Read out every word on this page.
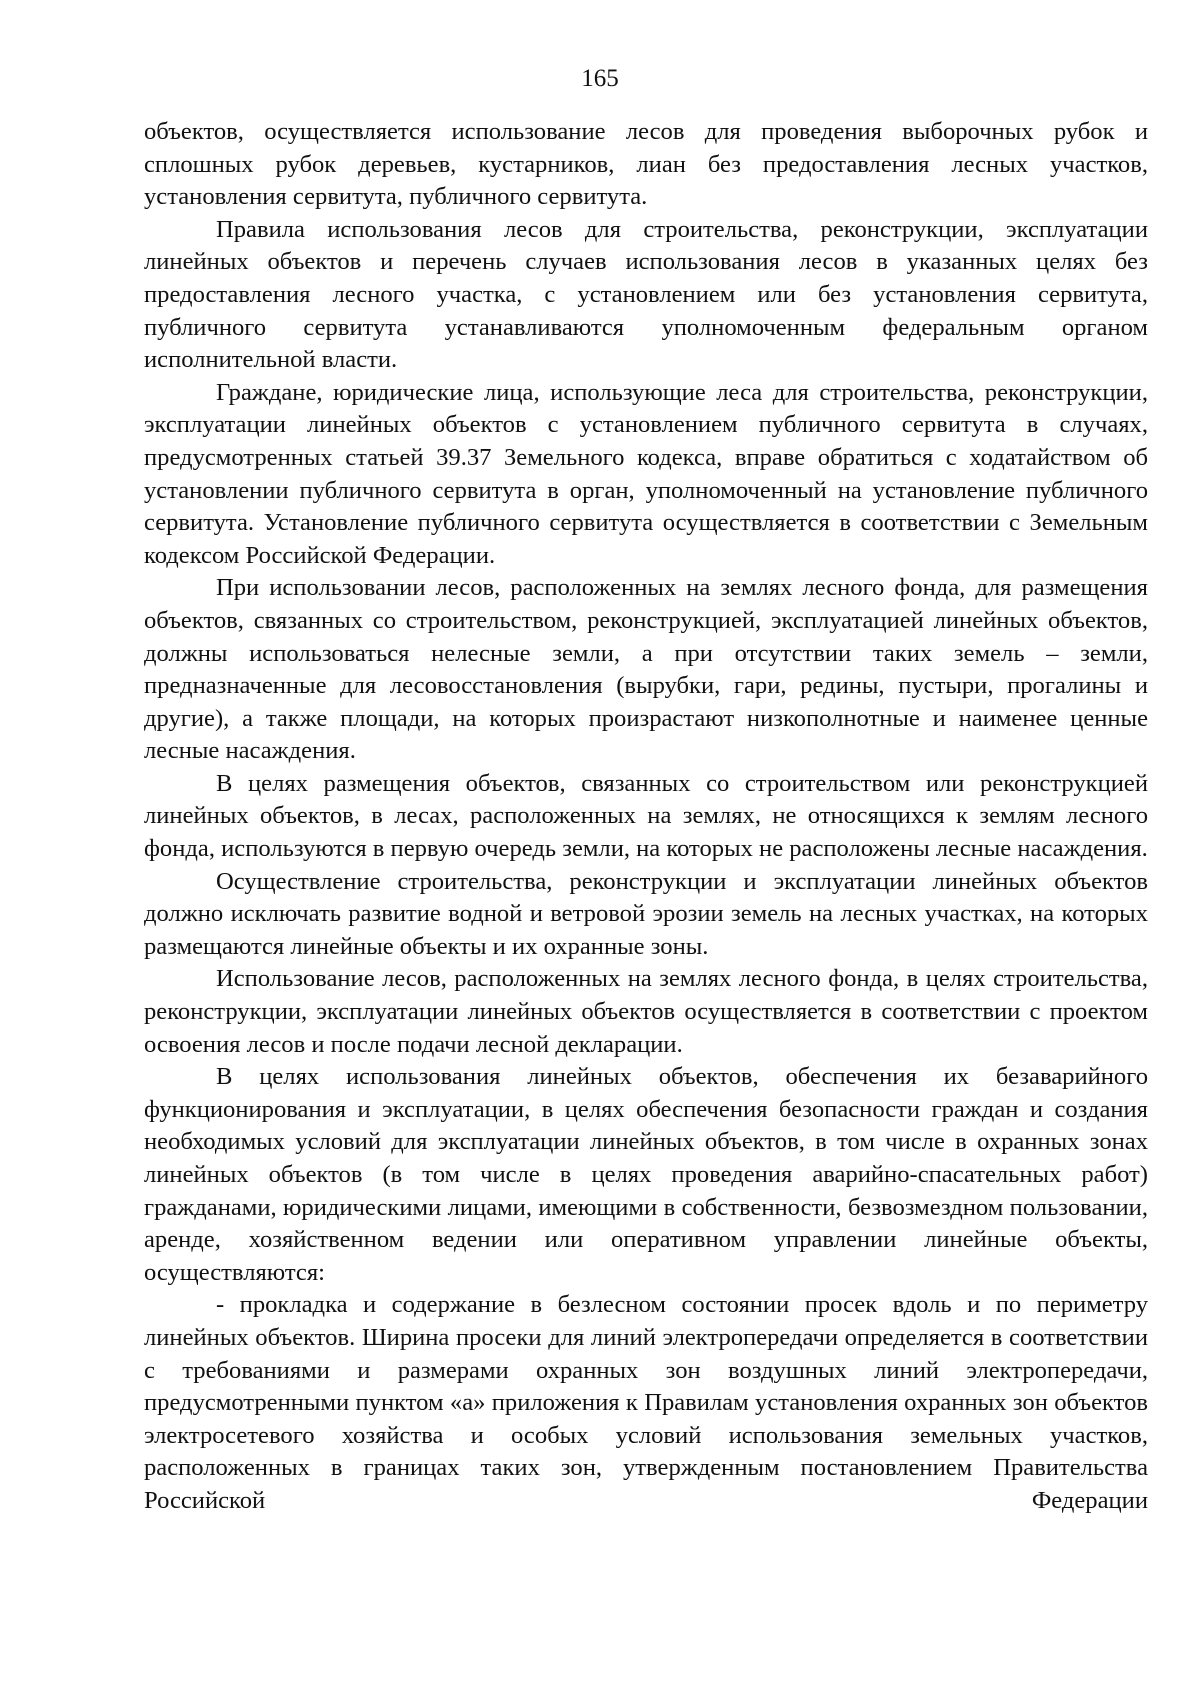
165

объектов, осуществляется использование лесов для проведения выборочных рубок и сплошных рубок деревьев, кустарников, лиан без предоставления лесных участков, установления сервитута, публичного сервитута.

Правила использования лесов для строительства, реконструкции, эксплуатации линейных объектов и перечень случаев использования лесов в указанных целях без предоставления лесного участка, с установлением или без установления сервитута, публичного сервитута устанавливаются уполномоченным федеральным органом исполнительной власти.

Граждане, юридические лица, использующие леса для строительства, реконструкции, эксплуатации линейных объектов с установлением публичного сервитута в случаях, предусмотренных статьей 39.37 Земельного кодекса, вправе обратиться с ходатайством об установлении публичного сервитута в орган, уполномоченный на установление публичного сервитута. Установление публичного сервитута осуществляется в соответствии с Земельным кодексом Российской Федерации.

При использовании лесов, расположенных на землях лесного фонда, для размещения объектов, связанных со строительством, реконструкцией, эксплуатацией линейных объектов, должны использоваться нелесные земли, а при отсутствии таких земель – земли, предназначенные для лесовосстановления (вырубки, гари, редины, пустыри, прогалины и другие), а также площади, на которых произрастают низкополнотные и наименее ценные лесные насаждения.

В целях размещения объектов, связанных со строительством или реконструкцией линейных объектов, в лесах, расположенных на землях, не относящихся к землям лесного фонда, используются в первую очередь земли, на которых не расположены лесные насаждения.

Осуществление строительства, реконструкции и эксплуатации линейных объектов должно исключать развитие водной и ветровой эрозии земель на лесных участках, на которых размещаются линейные объекты и их охранные зоны.

Использование лесов, расположенных на землях лесного фонда, в целях строительства, реконструкции, эксплуатации линейных объектов осуществляется в соответствии с проектом освоения лесов и после подачи лесной декларации.

В целях использования линейных объектов, обеспечения их безаварийного функционирования и эксплуатации, в целях обеспечения безопасности граждан и создания необходимых условий для эксплуатации линейных объектов, в том числе в охранных зонах линейных объектов (в том числе в целях проведения аварийно-спасательных работ) гражданами, юридическими лицами, имеющими в собственности, безвозмездном пользовании, аренде, хозяйственном ведении или оперативном управлении линейные объекты, осуществляются:

- прокладка и содержание в безлесном состоянии просек вдоль и по периметру линейных объектов. Ширина просеки для линий электропередачи определяется в соответствии с требованиями и размерами охранных зон воздушных линий электропередачи, предусмотренными пунктом «а» приложения к Правилам установления охранных зон объектов электросетевого хозяйства и особых условий использования земельных участков, расположенных в границах таких зон, утвержденным постановлением Правительства Российской Федерации
